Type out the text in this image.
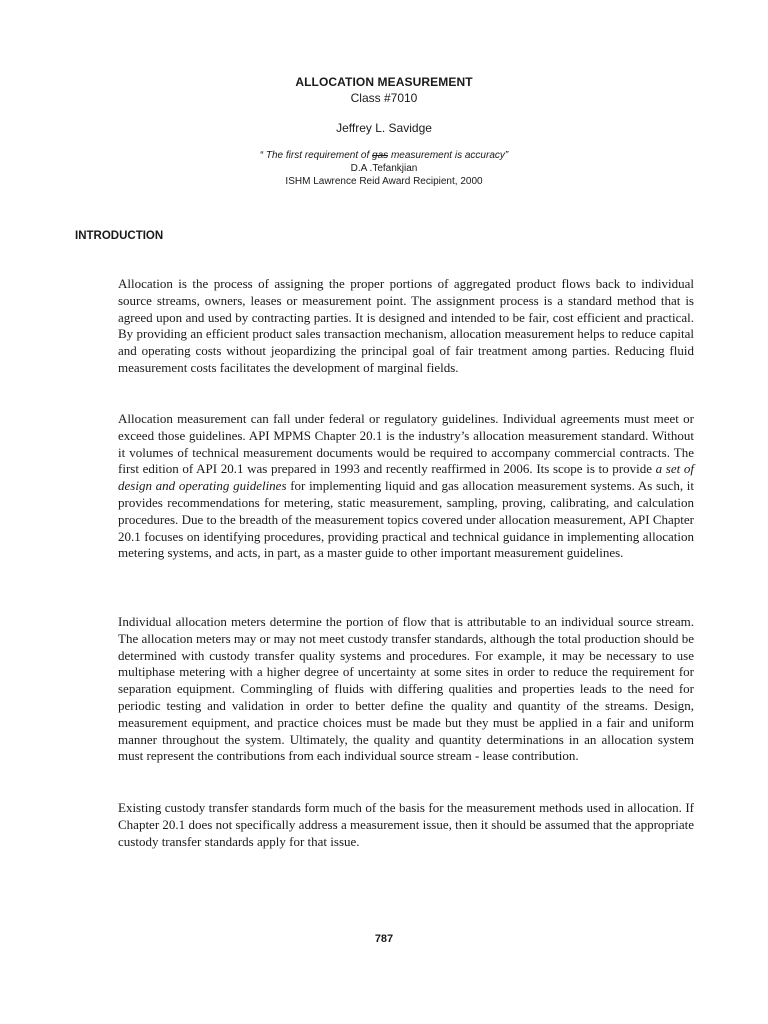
ALLOCATION MEASUREMENT
Class #7010
Jeffrey L. Savidge
“ The first requirement of gas measurement is accuracy”
D.A .Tefankjian
ISHM Lawrence Reid Award Recipient, 2000
INTRODUCTION

Allocation is the process of assigning the proper portions of aggregated product flows back to individual source streams, owners, leases or measurement point. The assignment process is a standard method that is agreed upon and used by contracting parties. It is designed and intended to be fair, cost efficient and practical. By providing an efficient product sales transaction mechanism, allocation measurement helps to reduce capital and operating costs without jeopardizing the principal goal of fair treatment among parties. Reducing fluid measurement costs facilitates the development of marginal fields.

Allocation measurement can fall under federal or regulatory guidelines. Individual agreements must meet or exceed those guidelines. API MPMS Chapter 20.1 is the industry’s allocation measurement standard. Without it volumes of technical measurement documents would be required to accompany commercial contracts. The first edition of API 20.1 was prepared in 1993 and recently reaffirmed in 2006. Its scope is to provide a set of design and operating guidelines for implementing liquid and gas allocation measurement systems. As such, it provides recommendations for metering, static measurement, sampling, proving, calibrating, and calculation procedures. Due to the breadth of the measurement topics covered under allocation measurement, API Chapter 20.1 focuses on identifying procedures, providing practical and technical guidance in implementing allocation metering systems, and acts, in part, as a master guide to other important measurement guidelines.

Individual allocation meters determine the portion of flow that is attributable to an individual source stream. The allocation meters may or may not meet custody transfer standards, although the total production should be determined with custody transfer quality systems and procedures. For example, it may be necessary to use multiphase metering with a higher degree of uncertainty at some sites in order to reduce the requirement for separation equipment. Commingling of fluids with differing qualities and properties leads to the need for periodic testing and validation in order to better define the quality and quantity of the streams. Design, measurement equipment, and practice choices must be made but they must be applied in a fair and uniform manner throughout the system. Ultimately, the quality and quantity determinations in an allocation system must represent the contributions from each individual source stream - lease contribution.

Existing custody transfer standards form much of the basis for the measurement methods used in allocation. If Chapter 20.1 does not specifically address a measurement issue, then it should be assumed that the appropriate custody transfer standards apply for that issue.

787
